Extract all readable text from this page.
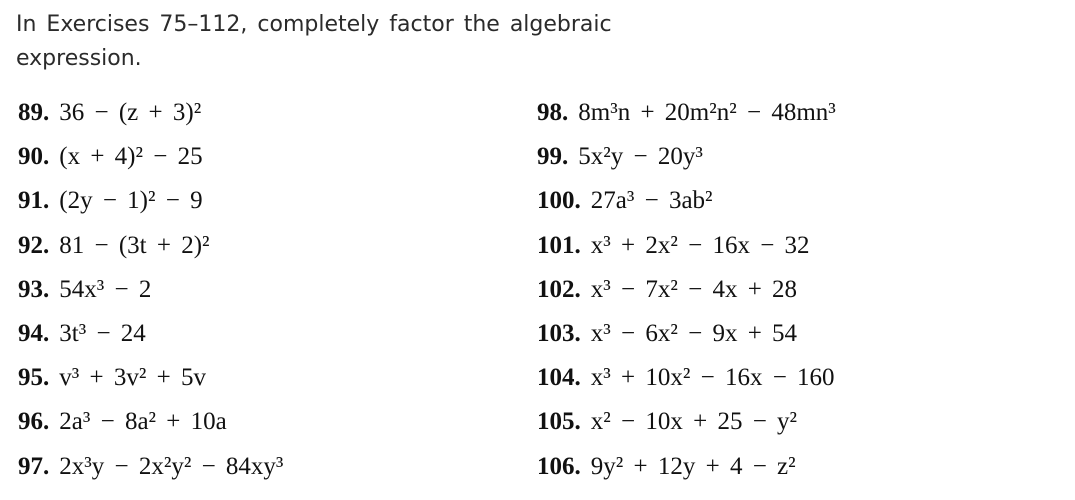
In Exercises 75–112, completely factor the algebraic expression.
89. 36 − (z + 3)²
90. (x + 4)² − 25
91. (2y − 1)² − 9
92. 81 − (3t + 2)²
93. 54x³ − 2
94. 3t³ − 24
95. v³ + 3v² + 5v
96. 2a³ − 8a² + 10a
97. 2x³y − 2x²y² − 84xy³
98. 8m³n + 20m²n² − 48mn³
99. 5x²y − 20y³
100. 27a³ − 3ab²
101. x³ + 2x² − 16x − 32
102. x³ − 7x² − 4x + 28
103. x³ − 6x² − 9x + 54
104. x³ + 10x² − 16x − 160
105. x² − 10x + 25 − y²
106. 9y² + 12y + 4 − z²
